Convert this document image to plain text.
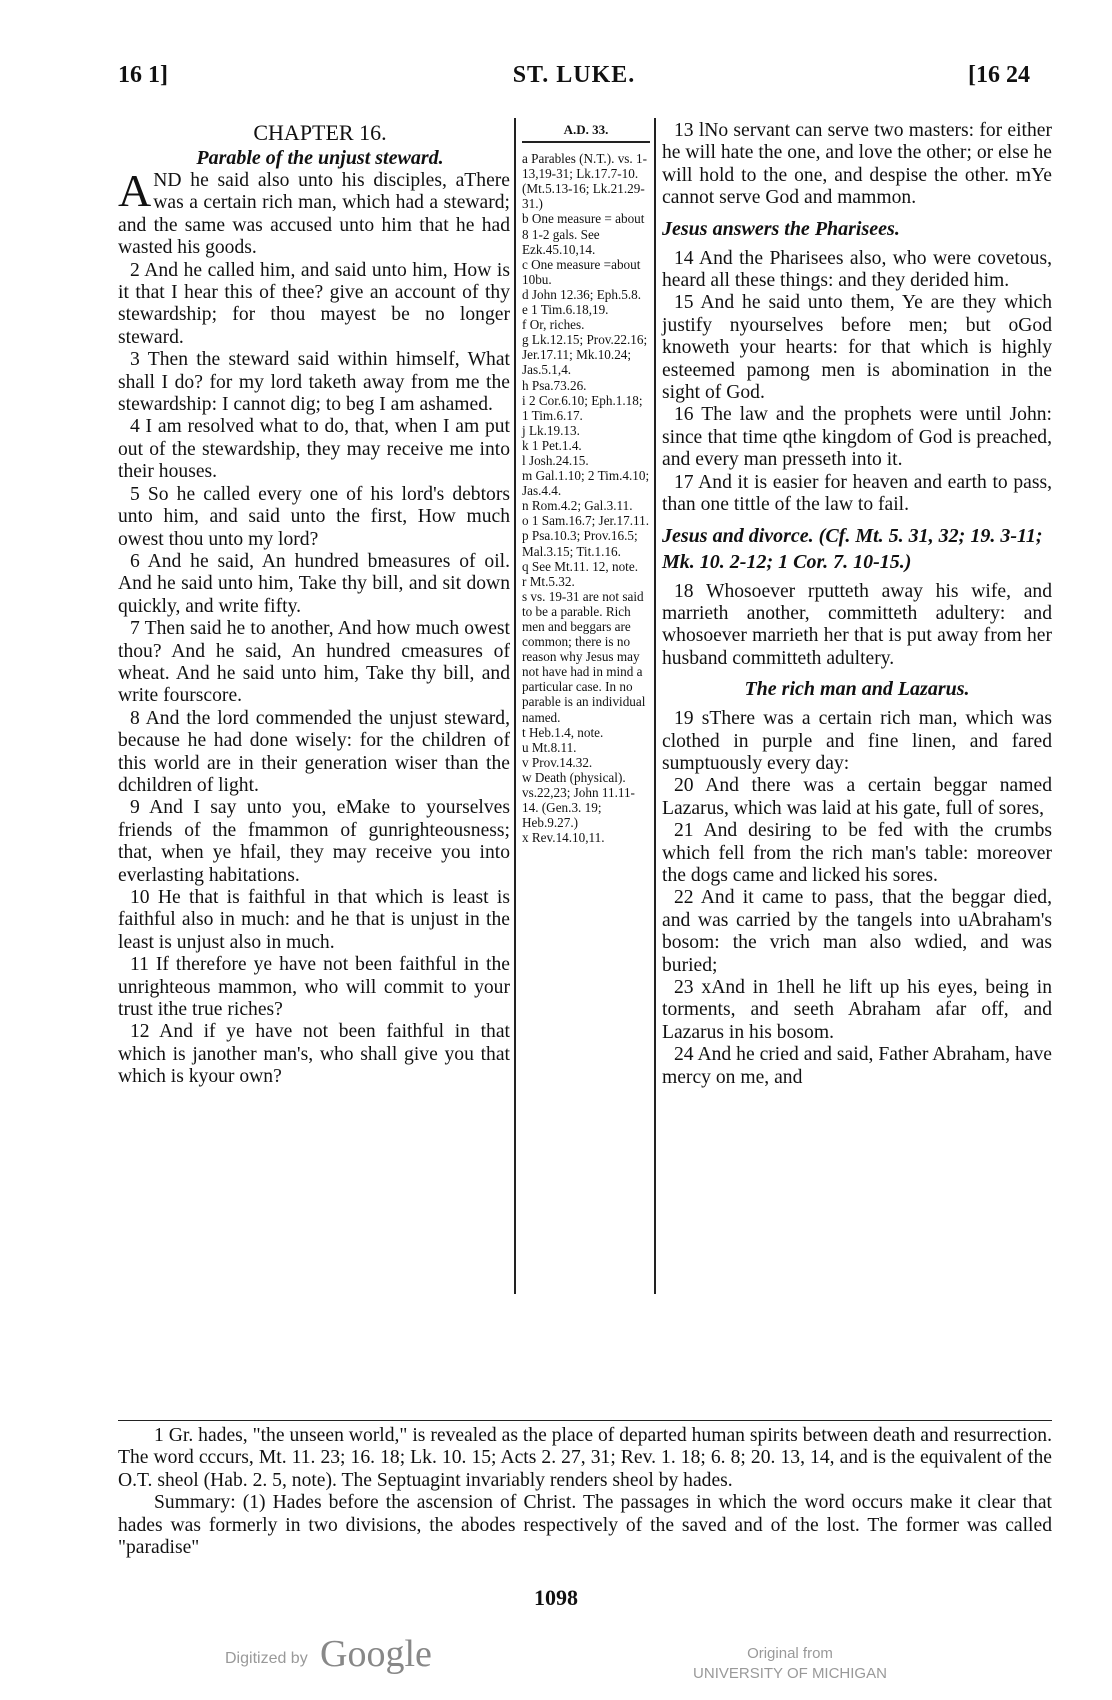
16 1]	ST. LUKE.	[16 24

CHAPTER 16.

Parable of the unjust steward.

AND he said also unto his disciples, aThere was a certain rich man, which had a steward; and the same was accused unto him that he had wasted his goods.

2 And he called him, and said unto him, How is it that I hear this of thee? give an account of thy stewardship; for thou mayest be no longer steward.

3 Then the steward said within himself, What shall I do? for my lord taketh away from me the stewardship: I cannot dig; to beg I am ashamed.

4 I am resolved what to do, that, when I am put out of the stewardship, they may receive me into their houses.

5 So he called every one of his lord's debtors unto him, and said unto the first, How much owest thou unto my lord?

6 And he said, An hundred bmeasures of oil. And he said unto him, Take thy bill, and sit down quickly, and write fifty.

7 Then said he to another, And how much owest thou? And he said, An hundred cmeasures of wheat. And he said unto him, Take thy bill, and write fourscore.

8 And the lord commended the unjust steward, because he had done wisely: for the children of this world are in their generation wiser than the dchildren of light.

9 And I say unto you, eMake to yourselves friends of the fmammon of gunrighteousness; that, when ye hfail, they may receive you into everlasting habitations.

10 He that is faithful in that which is least is faithful also in much: and he that is unjust in the least is unjust also in much.

11 If therefore ye have not been faithful in the unrighteous mammon, who will commit to your trust ithe true riches?

12 And if ye have not been faithful in that which is janother man's, who shall give you that which is kyour own?

A.D. 33.

a Parables (N.T.). vs. 1-13,19-31; Lk.17.7-10. (Mt.5.13-16; Lk.21.29-31.)

b One measure = about 8 1-2 gals. See Ezk.45.10,14.

c One measure =about 10bu.

d John 12.36; Eph.5.8.

e 1 Tim.6.18,19.

f Or, riches.

g Lk.12.15; Prov.22.16; Jer.17.11; Mk.10.24; Jas.5.1,4.

h Psa.73.26.

i 2 Cor.6.10; Eph.1.18; 1 Tim.6.17.

j Lk.19.13.

k 1 Pet.1.4.

l Josh.24.15.

m Gal.1.10; 2 Tim.4.10; Jas.4.4.

n Rom.4.2; Gal.3.11.

o 1 Sam.16.7; Jer.17.11.

p Psa.10.3; Prov.16.5; Mal.3.15; Tit.1.16.

q See Mt.11. 12, note.

r Mt.5.32.

s vs. 19-31 are not said to be a parable. Rich men and beggars are common; there is no reason why Jesus may not have had in mind a particular case. In no parable is an individual named.

t Heb.1.4, note.

u Mt.8.11.

v Prov.14.32.

w Death (physical). vs.22,23; John 11.11-14. (Gen.3. 19; Heb.9.27.)

x Rev.14.10,11.

13 lNo servant can serve two masters: for either he will hate the one, and love the other; or else he will hold to the one, and despise the other. mYe cannot serve God and mammon.

Jesus answers the Pharisees.

14 And the Pharisees also, who were covetous, heard all these things: and they derided him.

15 And he said unto them, Ye are they which justify nyourselves before men; but oGod knoweth your hearts: for that which is highly esteemed pamong men is abomination in the sight of God.

16 The law and the prophets were until John: since that time qthe kingdom of God is preached, and every man presseth into it.

17 And it is easier for heaven and earth to pass, than one tittle of the law to fail.

Jesus and divorce. (Cf. Mt. 5. 31, 32; 19. 3-11; Mk. 10. 2-12; 1 Cor. 7. 10-15.)

18 Whosoever rputteth away his wife, and marrieth another, committeth adultery: and whosoever marrieth her that is put away from her husband committeth adultery.

The rich man and Lazarus.

19 sThere was a certain rich man, which was clothed in purple and fine linen, and fared sumptuously every day:

20 And there was a certain beggar named Lazarus, which was laid at his gate, full of sores,

21 And desiring to be fed with the crumbs which fell from the rich man's table: moreover the dogs came and licked his sores.

22 And it came to pass, that the beggar died, and was carried by the tangels into uAbraham's bosom: the vrich man also wdied, and was buried;

23 xAnd in 1hell he lift up his eyes, being in torments, and seeth Abraham afar off, and Lazarus in his bosom.

24 And he cried and said, Father Abraham, have mercy on me, and

1 Gr. hades, "the unseen world," is revealed as the place of departed human spirits between death and resurrection. The word cccurs, Mt. 11. 23; 16. 18; Lk. 10. 15; Acts 2. 27, 31; Rev. 1. 18; 6. 8; 20. 13, 14, and is the equivalent of the O.T. sheol (Hab. 2. 5, note). The Septuagint invariably renders sheol by hades.

Summary: (1) Hades before the ascension of Christ. The passages in which the word occurs make it clear that hades was formerly in two divisions, the abodes respectively of the saved and of the lost. The former was called "paradise"

1098
Digitized by Google	Original from
UNIVERSITY OF MICHIGAN
